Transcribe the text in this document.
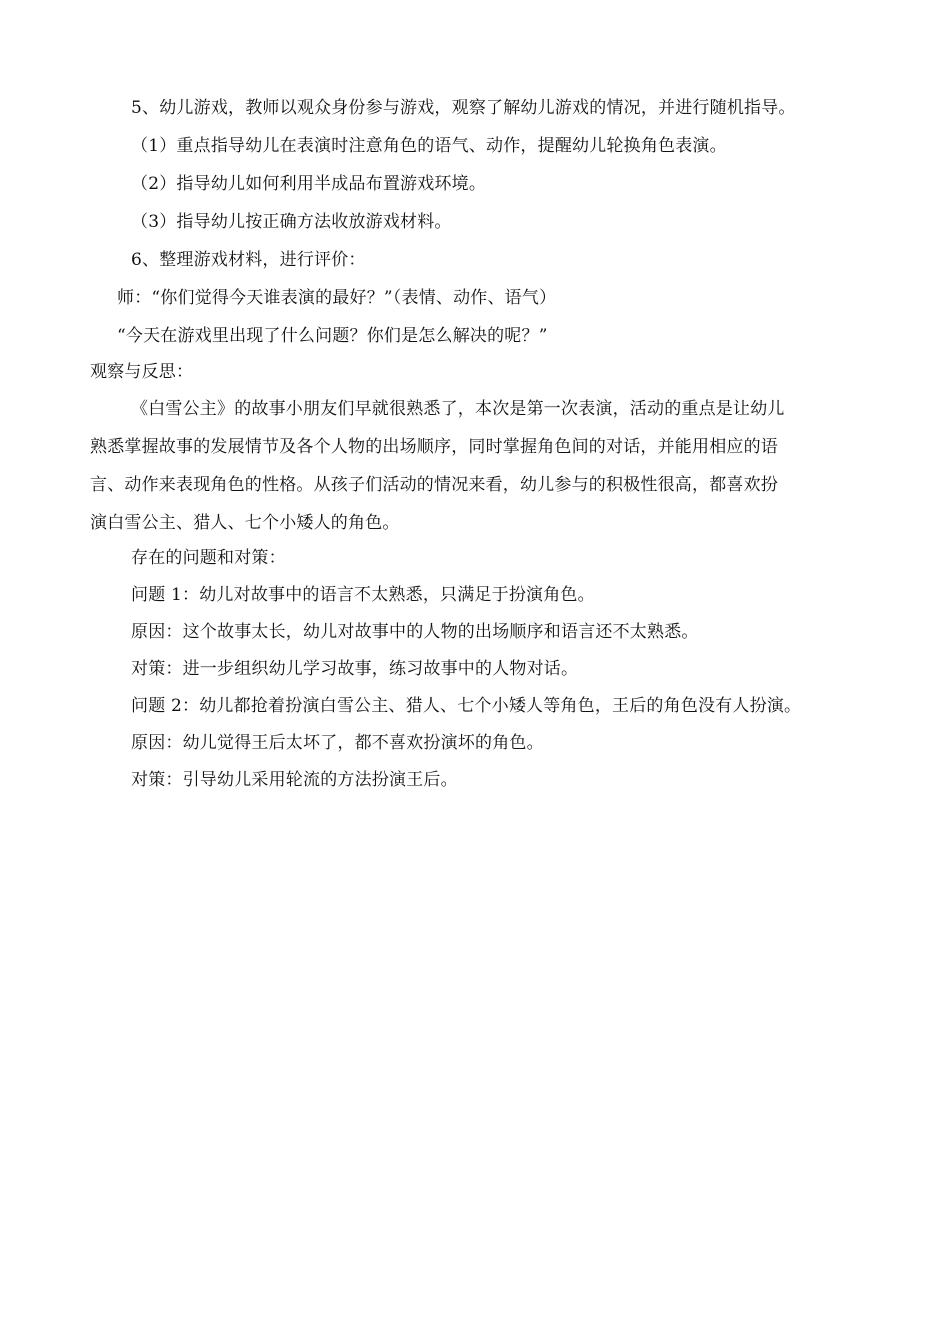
5、幼儿游戏，教师以观众身份参与游戏，观察了解幼儿游戏的情况，并进行随机指导。
（1）重点指导幼儿在表演时注意角色的语气、动作，提醒幼儿轮换角色表演。
（2）指导幼儿如何利用半成品布置游戏环境。
（3）指导幼儿按正确方法收放游戏材料。
6、整理游戏材料，进行评价：
师：“你们觉得今天谁表演的最好？”（表情、动作、语气）
“今天在游戏里出现了什么问题？你们是怎么解决的呢？”
观察与反思：
《白雪公主》的故事小朋友们早就很熟悉了，本次是第一次表演，活动的重点是让幼儿
熟悉掌握故事的发展情节及各个人物的出场顺序，同时掌握角色间的对话，并能用相应的语
言、动作来表现角色的性格。从孩子们活动的情况来看，幼儿参与的积极性很高，都喜欢扮
演白雪公主、猎人、七个小矮人的角色。
存在的问题和对策：
问题 1：幼儿对故事中的语言不太熟悉，只满足于扮演角色。
原因：这个故事太长，幼儿对故事中的人物的出场顺序和语言还不太熟悉。
对策：进一步组织幼儿学习故事，练习故事中的人物对话。
问题 2：幼儿都抢着扮演白雪公主、猎人、七个小矮人等角色，王后的角色没有人扮演。
原因：幼儿觉得王后太坏了，都不喜欢扮演坏的角色。
对策：引导幼儿采用轮流的方法扮演王后。
